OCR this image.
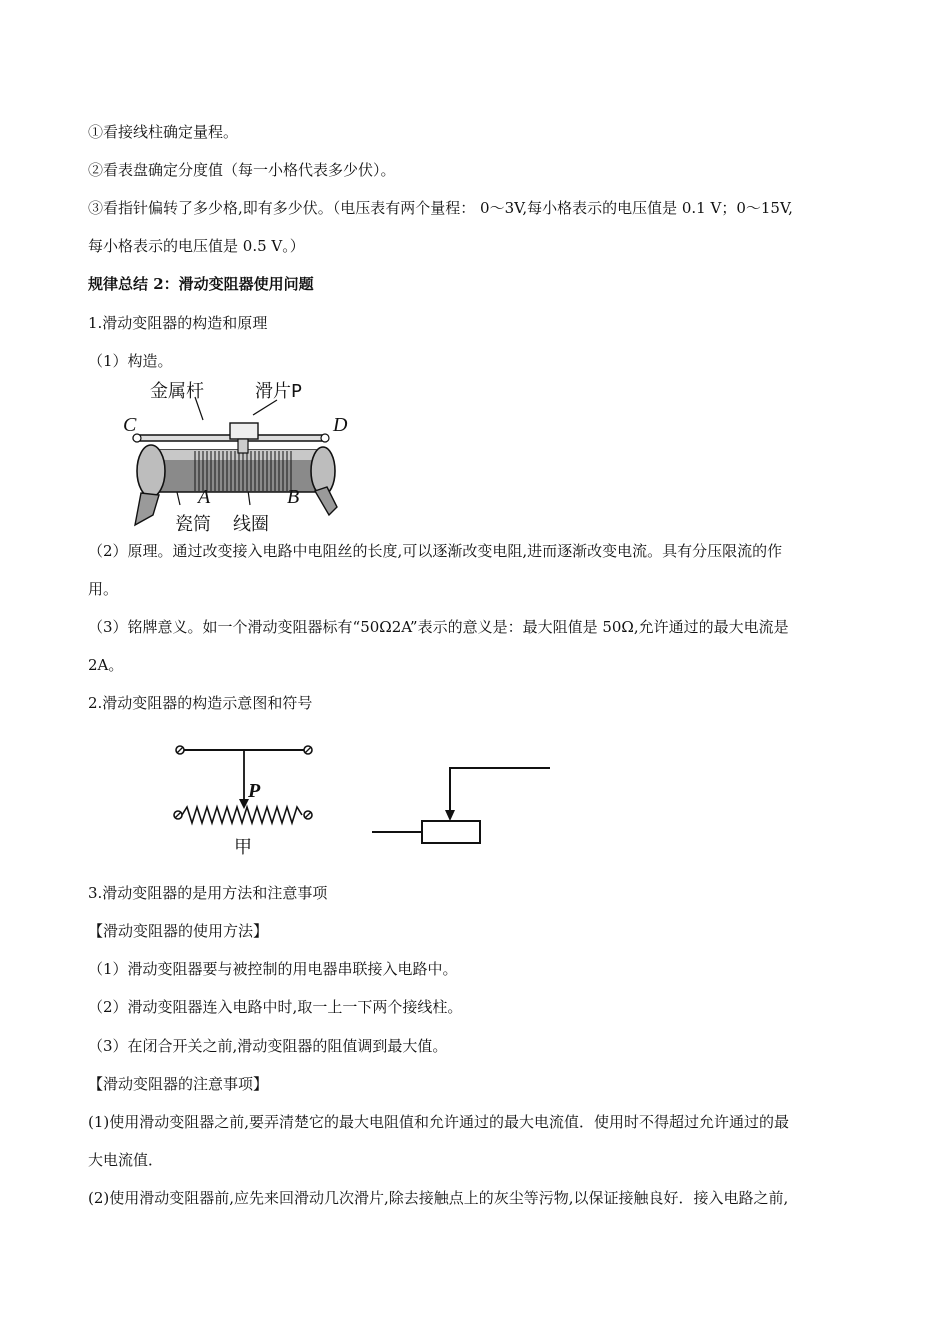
①看接线柱确定量程。
②看表盘确定分度值（每一小格代表多少伏）。
③看指针偏转了多少格,即有多少伏。（电压表有两个量程： 0～3V,每小格表示的电压值是 0.1 V；0～15V,
每小格表示的电压值是 0.5 V。）
规律总结 2：滑动变阻器使用问题
1.滑动变阻器的构造和原理
（1）构造。
金属杆	滑片P
C	D
A	B
瓷筒 线圈
（2）原理。通过改变接入电路中电阻丝的长度,可以逐渐改变电阻,进而逐渐改变电流。具有分压限流的作
用。
（3）铭牌意义。如一个滑动变阻器标有“50Ω2A”表示的意义是：最大阻值是 50Ω,允许通过的最大电流是
2A。
2.滑动变阻器的构造示意图和符号
P
甲
3.滑动变阻器的是用方法和注意事项
【滑动变阻器的使用方法】
（1）滑动变阻器要与被控制的用电器串联接入电路中。
（2）滑动变阻器连入电路中时,取一上一下两个接线柱。
（3）在闭合开关之前,滑动变阻器的阻值调到最大值。
【滑动变阻器的注意事项】
(1)使用滑动变阻器之前,要弄清楚它的最大电阻值和允许通过的最大电流值．使用时不得超过允许通过的最
大电流值．
(2)使用滑动变阻器前,应先来回滑动几次滑片,除去接触点上的灰尘等污物,以保证接触良好．接入电路之前,
